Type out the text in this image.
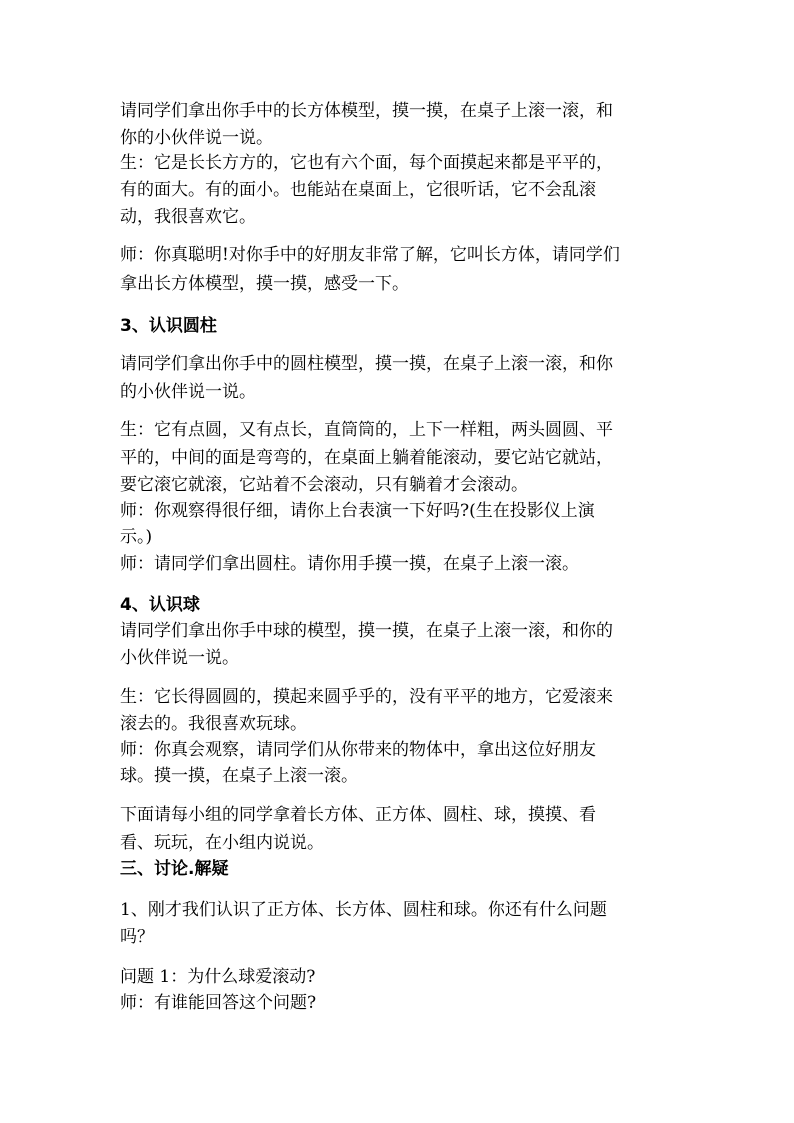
请同学们拿出你手中的长方体模型，摸一摸，在桌子上滚一滚，和

你的小伙伴说一说。

生：它是长长方方的，它也有六个面，每个面摸起来都是平平的，

有的面大。有的面小。也能站在桌面上，它很听话，它不会乱滚

动，我很喜欢它。

师：你真聪明!对你手中的好朋友非常了解，它叫长方体，请同学们

拿出长方体模型，摸一摸，感受一下。

3、认识圆柱

请同学们拿出你手中的圆柱模型，摸一摸，在桌子上滚一滚，和你

的小伙伴说一说。

生：它有点圆，又有点长，直筒筒的，上下一样粗，两头圆圆、平

平的，中间的面是弯弯的，在桌面上躺着能滚动，要它站它就站，

要它滚它就滚，它站着不会滚动，只有躺着才会滚动。

师：你观察得很仔细，请你上台表演一下好吗?(生在投影仪上演

示。)

师：请同学们拿出圆柱。请你用手摸一摸，在桌子上滚一滚。

4、认识球

请同学们拿出你手中球的模型，摸一摸，在桌子上滚一滚，和你的

小伙伴说一说。

生：它长得圆圆的，摸起来圆乎乎的，没有平平的地方，它爱滚来

滚去的。我很喜欢玩球。

师：你真会观察，请同学们从你带来的物体中，拿出这位好朋友

球。摸一摸，在桌子上滚一滚。

下面请每小组的同学拿着长方体、正方体、圆柱、球，摸摸、看

看、玩玩，在小组内说说。

三、讨论.解疑

1、刚才我们认识了正方体、长方体、圆柱和球。你还有什么问题

吗？

问题 1：为什么球爱滚动?

师：有谁能回答这个问题?
